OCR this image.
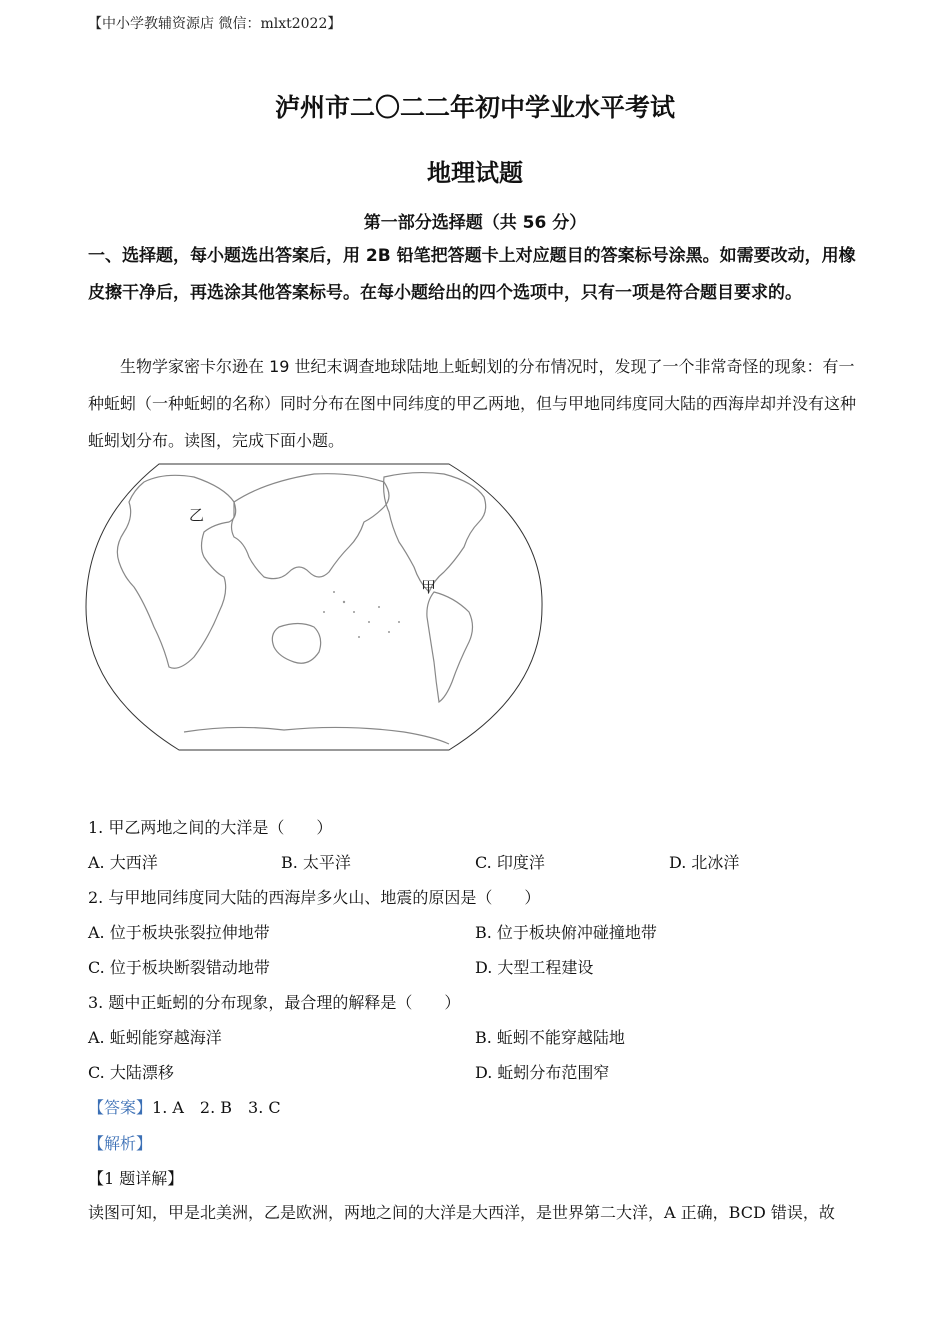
【中小学教辅资源店 微信：mlxt2022】
泸州市二〇二二年初中学业水平考试
地理试题
第一部分选择题（共 56 分）
一、选择题，每小题选出答案后，用 2B 铅笔把答题卡上对应题目的答案标号涂黑。如需要改动，用橡皮擦干净后，再选涂其他答案标号。在每小题给出的四个选项中，只有一项是符合题目要求的。
生物学家密卡尔逊在 19 世纪末调查地球陆地上蚯蚓划的分布情况时，发现了一个非常奇怪的现象：有一种蚯蚓（一种蚯蚓的名称）同时分布在图中同纬度的甲乙两地，但与甲地同纬度同大陆的西海岸却并没有这种蚯蚓划分布。读图，完成下面小题。
乙
甲
1. 甲乙两地之间的大洋是（　　）
A. 大西洋	B. 太平洋	C. 印度洋	D. 北冰洋
2. 与甲地同纬度同大陆的西海岸多火山、地震的原因是（　　）
A. 位于板块张裂拉伸地带	B. 位于板块俯冲碰撞地带
C. 位于板块断裂错动地带	D. 大型工程建设
3. 题中正蚯蚓的分布现象，最合理的解释是（　　）
A. 蚯蚓能穿越海洋	B. 蚯蚓不能穿越陆地
C. 大陆漂移	D. 蚯蚓分布范围窄
【答案】1. A　2. B　3. C
【解析】
【1 题详解】
读图可知，甲是北美洲，乙是欧洲，两地之间的大洋是大西洋，是世界第二大洋，A 正确，BCD 错误，故
